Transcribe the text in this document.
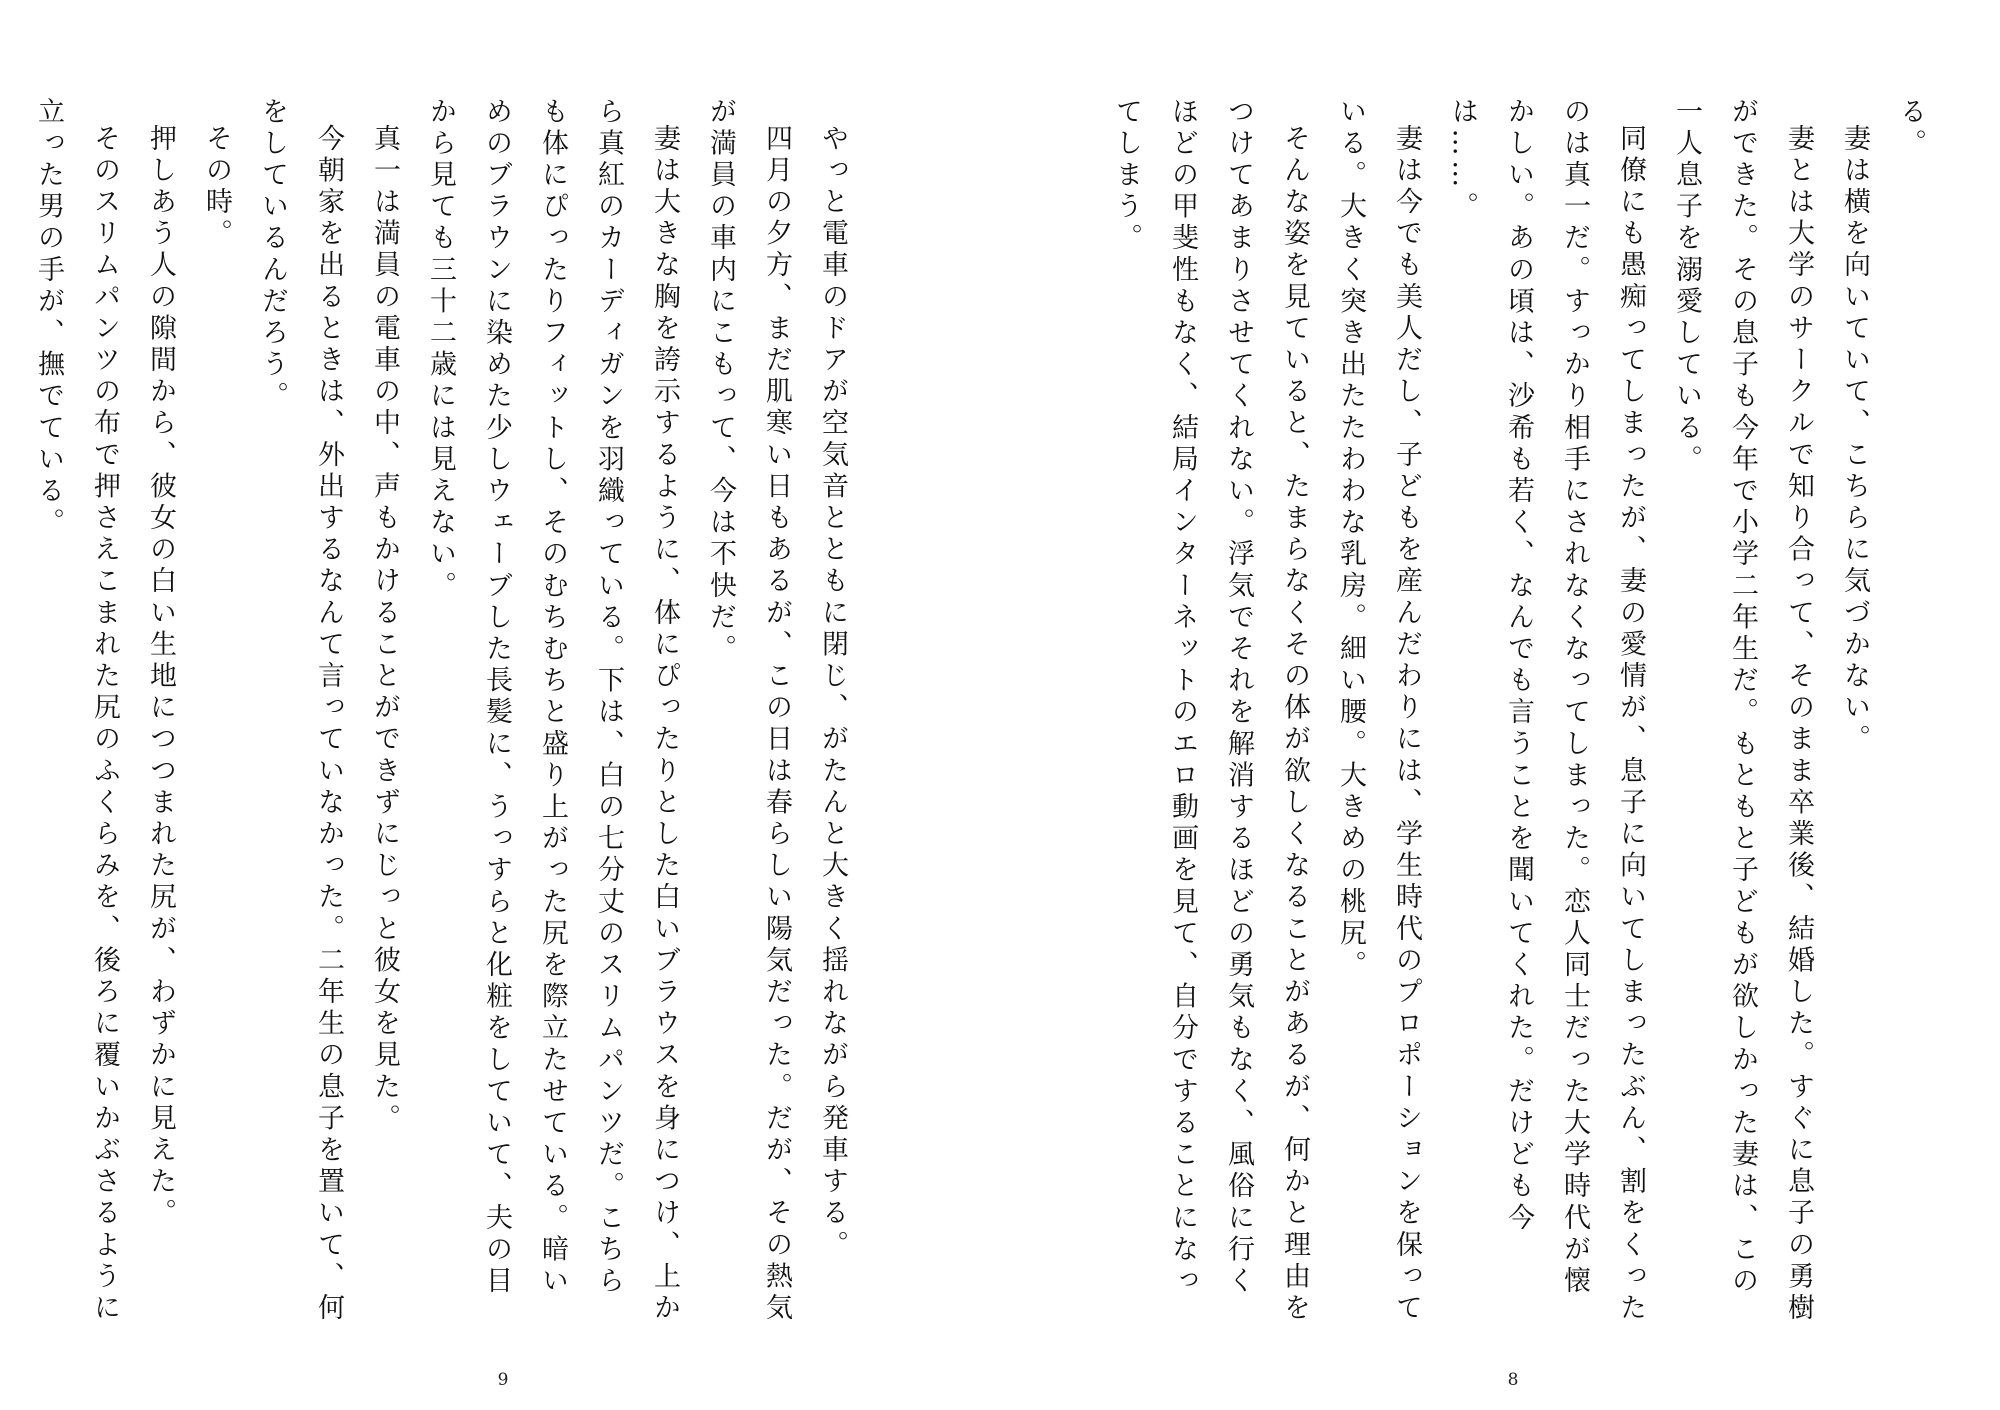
る。

妻は横を向いていて、こちらに気づかない。

妻とは大学のサークルで知り合って、そのまま卒業後、結婚した。すぐに息子の勇樹ができた。その息子も今年で小学二年生だ。もともと子どもが欲しかった妻は、この一人息子を溺愛している。

同僚にも愚痴ってしまったが、妻の愛情が、息子に向いてしまったぶん、割をくったのは真一だ。すっかり相手にされなくなってしまった。恋人同士だった大学時代が懐かしい。あの頃は、沙希も若く、なんでも言うことを聞いてくれた。だけども今は……。

妻は今でも美人だし、子どもを産んだわりには、学生時代のプロポーションを保っている。大きく突き出たたわわな乳房。細い腰。大きめの桃尻。

そんな姿を見ていると、たまらなくその体が欲しくなることがあるが、何かと理由をつけてあまりさせてくれない。浮気でそれを解消するほどの勇気もなく、風俗に行くほどの甲斐性もなく、結局インターネットのエロ動画を見て、自分ですることになってしまう。

8

やっと電車のドアが空気音とともに閉じ、がたんと大きく揺れながら発車する。

四月の夕方、まだ肌寒い日もあるが、この日は春らしい陽気だった。だが、その熱気が満員の車内にこもって、今は不快だ。

妻は大きな胸を誇示するように、体にぴったりとした白いブラウスを身につけ、上から真紅のカーディガンを羽織っている。下は、白の七分丈のスリムパンツだ。こちらも体にぴったりフィットし、そのむちむちと盛り上がった尻を際立たせている。暗いめのブラウンに染めた少しウェーブした長髪に、うっすらと化粧をしていて、夫の目から見ても三十二歳には見えない。

真一は満員の電車の中、声もかけることができずにじっと彼女を見た。

今朝家を出るときは、外出するなんて言っていなかった。二年生の息子を置いて、何をしているんだろう。

その時。

押しあう人の隙間から、彼女の白い生地につつまれた尻が、わずかに見えた。

そのスリムパンツの布で押さえこまれた尻のふくらみを、後ろに覆いかぶさるように立った男の手が、撫でている。

9
